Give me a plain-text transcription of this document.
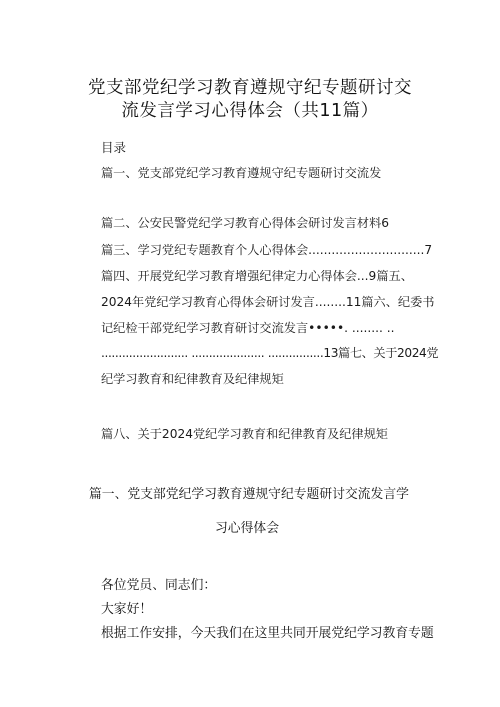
党支部党纪学习教育遵规守纪专题研讨交
流发言学习心得体会（共11篇）
目录
篇一、党支部党纪学习教育遵规守纪专题研讨交流发
篇二、公安民警党纪学习教育心得体会研讨发言材料6
篇三、学习党纪专题教育个人心得体会..............................7
篇四、开展党纪学习教育增强纪律定力心得体会...9篇五、
2024年党纪学习教育心得体会研讨发言........11篇六、纪委书
记纪检干部党纪学习教育研讨交流发言•••••. ........ ..
......................... ..................... ................13篇七、关于2024党
纪学习教育和纪律教育及纪律规矩
篇八、关于2024党纪学习教育和纪律教育及纪律规矩
篇一、党支部党纪学习教育遵规守纪专题研讨交流发言学
习心得体会
各位党员、同志们：
大家好！
根据工作安排，今天我们在这里共同开展党纪学习教育专题
